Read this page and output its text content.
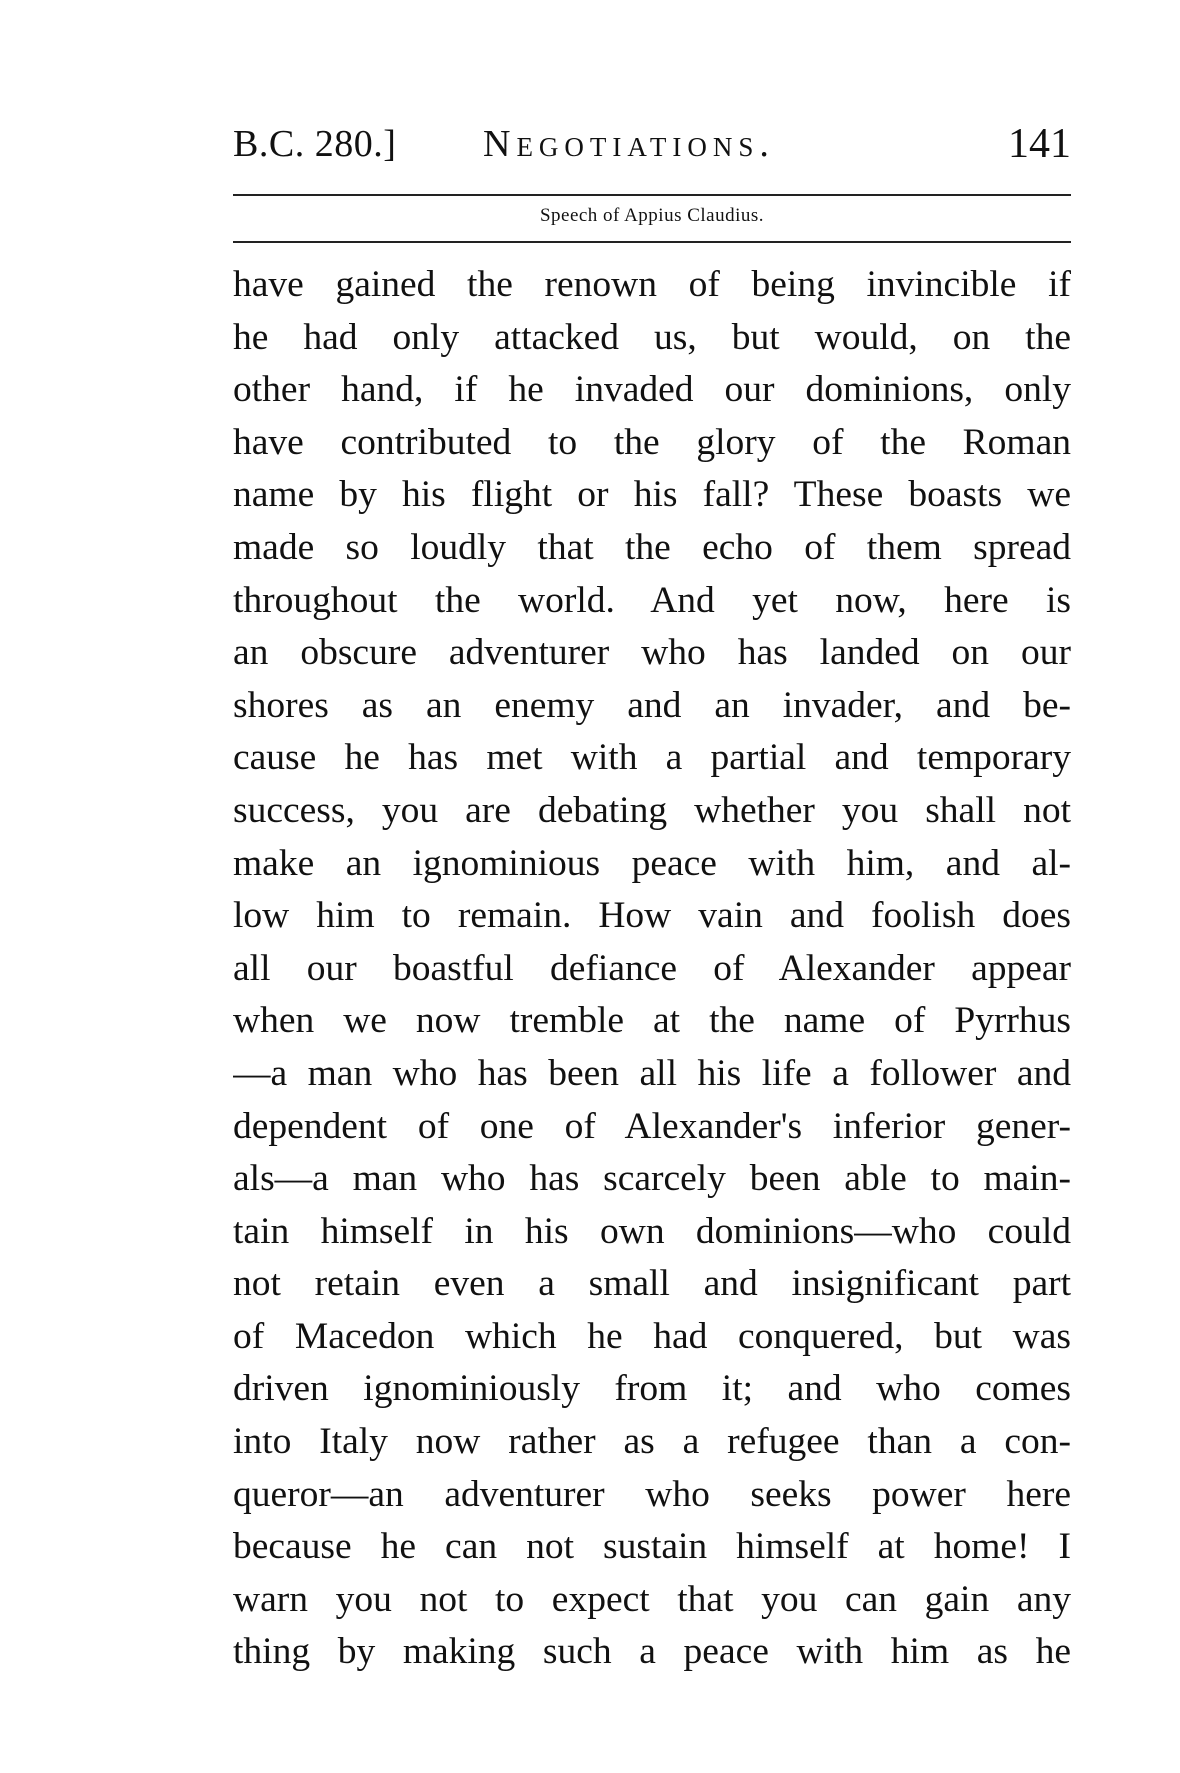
B.C. 280.] Negotiations.	141
Speech of Appius Claudius.
have gained the renown of being invincible if
he had only attacked us, but would, on the
other hand, if he invaded our dominions, only
have contributed to the glory of the Roman
name by his flight or his fall? These boasts we
made so loudly that the echo of them spread
throughout the world. And yet now, here is
an obscure adventurer who has landed on our
shores as an enemy and an invader, and be-
cause he has met with a partial and temporary
success, you are debating whether you shall not
make an ignominious peace with him, and al-
low him to remain. How vain and foolish does
all our boastful defiance of Alexander appear
when we now tremble at the name of Pyrrhus
—a man who has been all his life a follower and
dependent of one of Alexander's inferior gener-
als—a man who has scarcely been able to main-
tain himself in his own dominions—who could
not retain even a small and insignificant part
of Macedon which he had conquered, but was
driven ignominiously from it; and who comes
into Italy now rather as a refugee than a con-
queror—an adventurer who seeks power here
because he can not sustain himself at home! I
warn you not to expect that you can gain any
thing by making such a peace with him as he
